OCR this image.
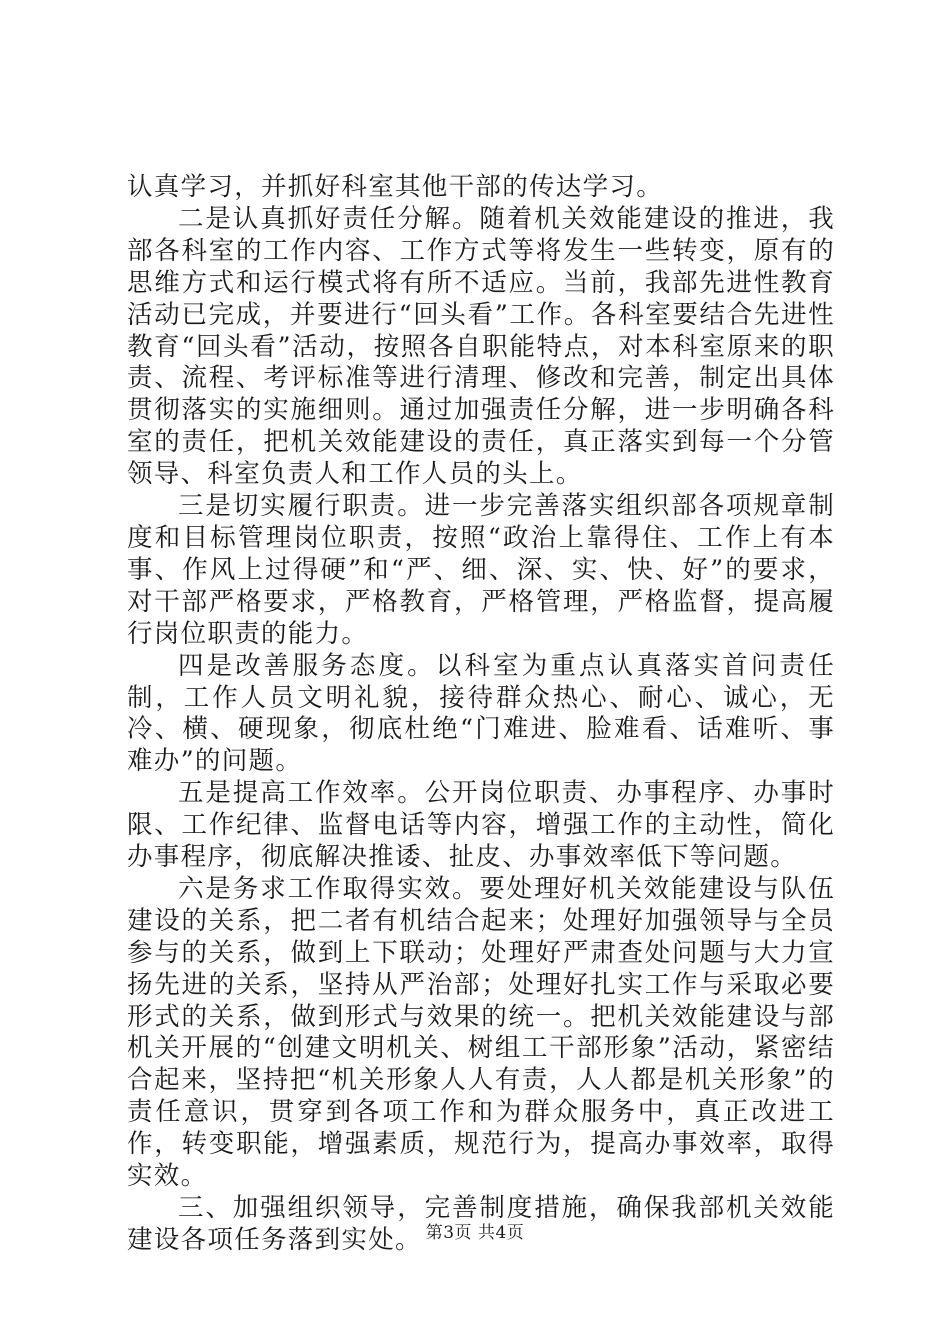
认真学习，并抓好科室其他干部的传达学习。

二是认真抓好责任分解。随着机关效能建设的推进，我部各科室的工作内容、工作方式等将发生一些转变，原有的思维方式和运行模式将有所不适应。当前，我部先进性教育活动已完成，并要进行“回头看”工作。各科室要结合先进性教育“回头看”活动，按照各自职能特点，对本科室原来的职责、流程、考评标准等进行清理、修改和完善，制定出具体贯彻落实的实施细则。通过加强责任分解，进一步明确各科室的责任，把机关效能建设的责任，真正落实到每一个分管领导、科室负责人和工作人员的头上。

三是切实履行职责。进一步完善落实组织部各项规章制度和目标管理岗位职责，按照“政治上靠得住、工作上有本事、作风上过得硬”和“严、细、深、实、快、好”的要求，对干部严格要求，严格教育，严格管理，严格监督，提高履行岗位职责的能力。

四是改善服务态度。以科室为重点认真落实首问责任制，工作人员文明礼貌，接待群众热心、耐心、诚心，无冷、横、硬现象，彻底杜绝“门难进、脸难看、话难听、事难办”的问题。

五是提高工作效率。公开岗位职责、办事程序、办事时限、工作纪律、监督电话等内容，增强工作的主动性，简化办事程序，彻底解决推诿、扯皮、办事效率低下等问题。

六是务求工作取得实效。要处理好机关效能建设与队伍建设的关系，把二者有机结合起来；处理好加强领导与全员参与的关系，做到上下联动；处理好严肃查处问题与大力宣扬先进的关系，坚持从严治部；处理好扎实工作与采取必要形式的关系，做到形式与效果的统一。把机关效能建设与部机关开展的“创建文明机关、树组工干部形象”活动，紧密结合起来，坚持把“机关形象人人有责，人人都是机关形象”的责任意识，贯穿到各项工作和为群众服务中，真正改进工作，转变职能，增强素质，规范行为，提高办事效率，取得实效。

三、加强组织领导，完善制度措施，确保我部机关效能建设各项任务落到实处。 第3页 共4页
